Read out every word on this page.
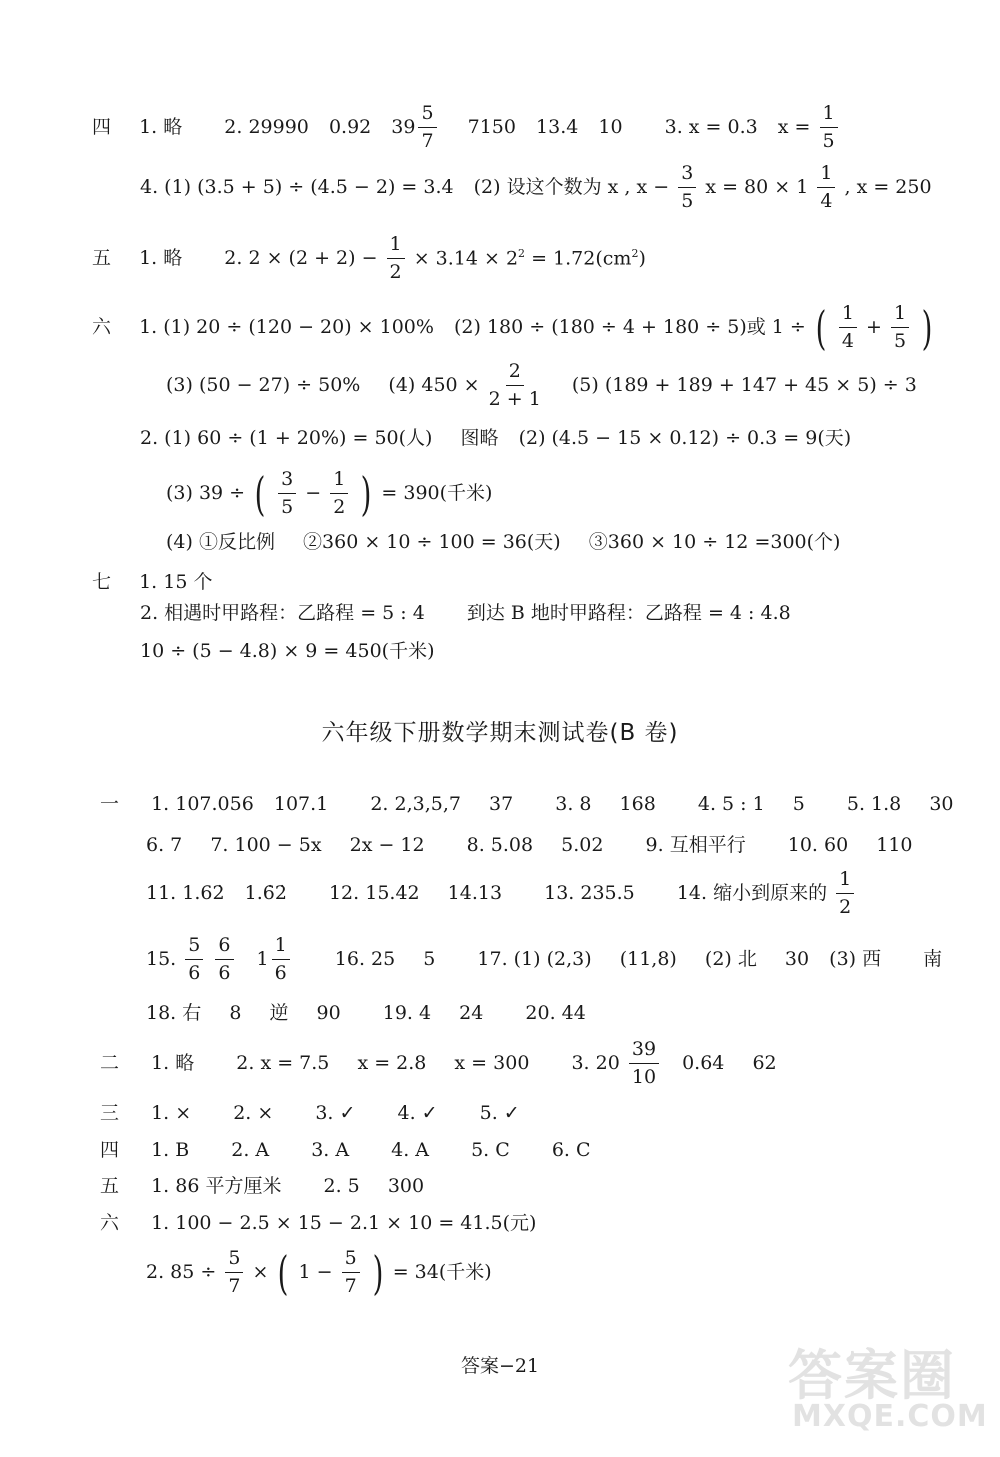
四 1. 略 2. 29990 0.92 $39 \frac{5}{7} 7150$ 13.4 10 3. x = 0.3 $x = \frac{1}{5}$
4. (1) (3.5 + 5) ÷ (4.5 − 2) = 3.4 (2) 设这个数为 x , $x - \frac{3}{5}$ $x = 80 \times 1 \frac{1}{4}$ , x = 250
五 1. 略 2. $2 \times (2 + 2) - \frac{1}{2} \times 3.14 \times 2^2 = 1.72(cm^2)$
六 1. (1) 20 ÷ (120 − 20) × 100% (2) 180 ÷ (180 ÷ 4 + 180 ÷ 5)或 1 ÷ ( $\frac{1}{4} + \frac{1}{5}$ )
(3) (50 − 27) ÷ 50% (4) $450 \times \frac{2}{2 + 1} (5) (189 + 189 + 147 + 45 \times 5) \div 3$
2. (1) 60 ÷ (1 + 20%) = 50(人) 图略 (2) (4.5 − 15 × 0.12) ÷ 0.3 = 9(天)
(3) 39 ÷ ( $\frac{3}{5} - \frac{1}{2}$ ) = 390(千米)
(4) ①反比例 ②360 × 10 ÷ 100 = 36(天) ③360 × 10 ÷ 12 =300(个)
七 1. 15 个
2. 相遇时甲路程：乙路程 = 5 : 4 到达 B 地时甲路程：乙路程 = 4 : 4.8
10 ÷ (5 − 4.8) × 9 = 450(千米)
六年级下册数学期末测试卷(B 卷)
一 1. 107.056 107.1 2. 2,3,5,7 37 3. 8 168 4. 5 : 1 5 5. 1.8 30
6. 7 7. 100 − 5x 2x − 12 8. 5.08 5.02 9. 互相平行 10. 60 110
11. 1.62̇ 1.6̇2̇ 12. 15.42 14.13 13. 235.5 14. 缩小到原来的 $\frac{1}{2}$
15. $\frac{5}{6}$
$\frac{6}{6}$
$1 \frac{1}{6} 16$. 25 5 17. (1) (2,3) (11,8) (2) 北 30 (3) 西 南
18. 右 8 逆 90 19. 4 24 20. 44
二 1. 略 2. x = 7.5 x = 2.8 x = 300 3. $20 \frac{39}{10} 0.64$ 62
三 1. × 2. × 3. ✓ 4. ✓ 5. ✓
四 1. B 2. A 3. A 4. A 5. C 6. C
五 1. 86 平方厘米 2. 5 300
六 1. 100 − 2.5 × 15 − 2.1 × 10 = 41.5(元)
2. $85 \div \frac{5}{7}$ × ( $1 - \frac{5}{7}$ ) = 34(千米)
答案−21	答案圈
MXQE.COM
